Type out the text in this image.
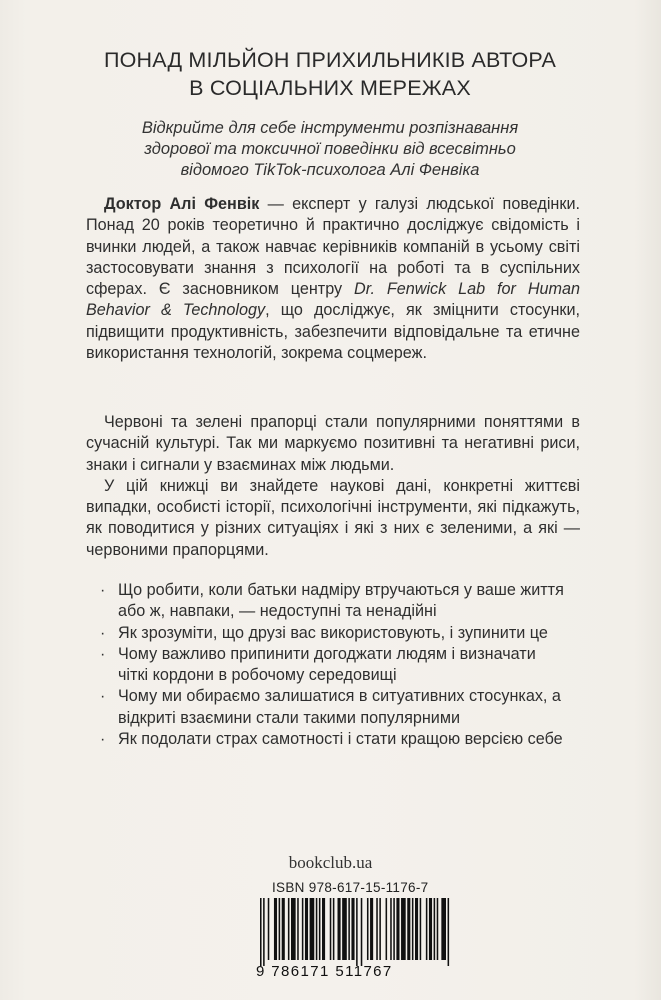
ПОНАД МІЛЬЙОН ПРИХИЛЬНИКІВ АВТОРА
В СОЦІАЛЬНИХ МЕРЕЖАХ
Відкрийте для себе інструменти розпізнавання
здорової та токсичної поведінки від всесвітньо
відомого TikTok-психолога Алі Фенвіка

Доктор Алі Фенвік — експерт у галузі людської поведінки. Понад 20 років теоретично й практично досліджує свідомість і вчинки людей, а також навчає керівників компаній в усьому світі застосовувати знання з психології на роботі та в суспільних сферах. Є засновником центру Dr. Fenwick Lab for Human Behavior & Technology, що досліджує, як зміцнити стосунки, підвищити продуктивність, забезпечити відповідальне та етичне використання технологій, зокрема соцмереж.

Червоні та зелені прапорці стали популярними поняттями в сучасній культурі. Так ми маркуємо позитивні та негативні риси, знаки і сигнали у взаєминах між людьми.

У цій книжці ви знайдете наукові дані, конкретні життєві випадки, особисті історії, психологічні інструменти, які підкажуть, як поводитися у різних ситуаціях і які з них є зеленими, а які — червоними прапорцями.

· Що робити, коли батьки надміру втручаються у ваше життя або ж, навпаки, — недоступні та ненадійні
· Як зрозуміти, що друзі вас використовують, і зупинити це
· Чому важливо припинити догоджати людям і визначати чіткі кордони в робочому середовищі
· Чому ми обираємо залишатися в ситуативних стосунках, а відкриті взаємини стали такими популярними
· Як подолати страх самотності і стати кращою версією себе
bookclub.ua
ISBN 978-617-15-1176-7
9 786171 511767
